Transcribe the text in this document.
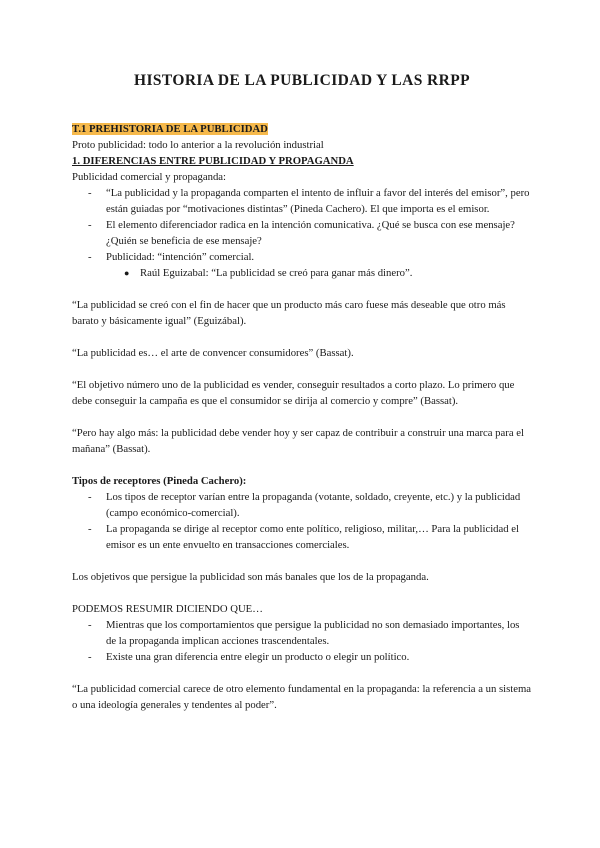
HISTORIA DE LA PUBLICIDAD Y LAS RRPP

T.1 PREHISTORIA DE LA PUBLICIDAD

Proto publicidad: todo lo anterior a la revolución industrial

1. DIFERENCIAS ENTRE PUBLICIDAD Y PROPAGANDA

Publicidad comercial y propaganda:

- “La publicidad y la propaganda comparten el intento de influir a favor del interés del emisor”, pero están guiadas por “motivaciones distintas” (Pineda Cachero). El que importa es el emisor.
- El elemento diferenciador radica en la intención comunicativa. ¿Qué se busca con ese mensaje? ¿Quién se beneficia de ese mensaje?
- Publicidad: “intención” comercial.
● Raúl Eguizabal: “La publicidad se creó para ganar más dinero”.

“La publicidad se creó con el fin de hacer que un producto más caro fuese más deseable que otro más barato y básicamente igual” (Eguizábal).

“La publicidad es… el arte de convencer consumidores” (Bassat).

“El objetivo número uno de la publicidad es vender, conseguir resultados a corto plazo. Lo primero que debe conseguir la campaña es que el consumidor se dirija al comercio y compre” (Bassat).

“Pero hay algo más: la publicidad debe vender hoy y ser capaz de contribuir a construir una marca para el mañana” (Bassat).

Tipos de receptores (Pineda Cachero):

- Los tipos de receptor varían entre la propaganda (votante, soldado, creyente, etc.) y la publicidad (campo económico-comercial).
- La propaganda se dirige al receptor como ente político, religioso, militar,… Para la publicidad el emisor es un ente envuelto en transacciones comerciales.

Los objetivos que persigue la publicidad son más banales que los de la propaganda.

PODEMOS RESUMIR DICIENDO QUE…

- Mientras que los comportamientos que persigue la publicidad no son demasiado importantes, los de la propaganda implican acciones trascendentales.
- Existe una gran diferencia entre elegir un producto o elegir un político.

“La publicidad comercial carece de otro elemento fundamental en la propaganda: la referencia a un sistema o una ideología generales y tendentes al poder”.
